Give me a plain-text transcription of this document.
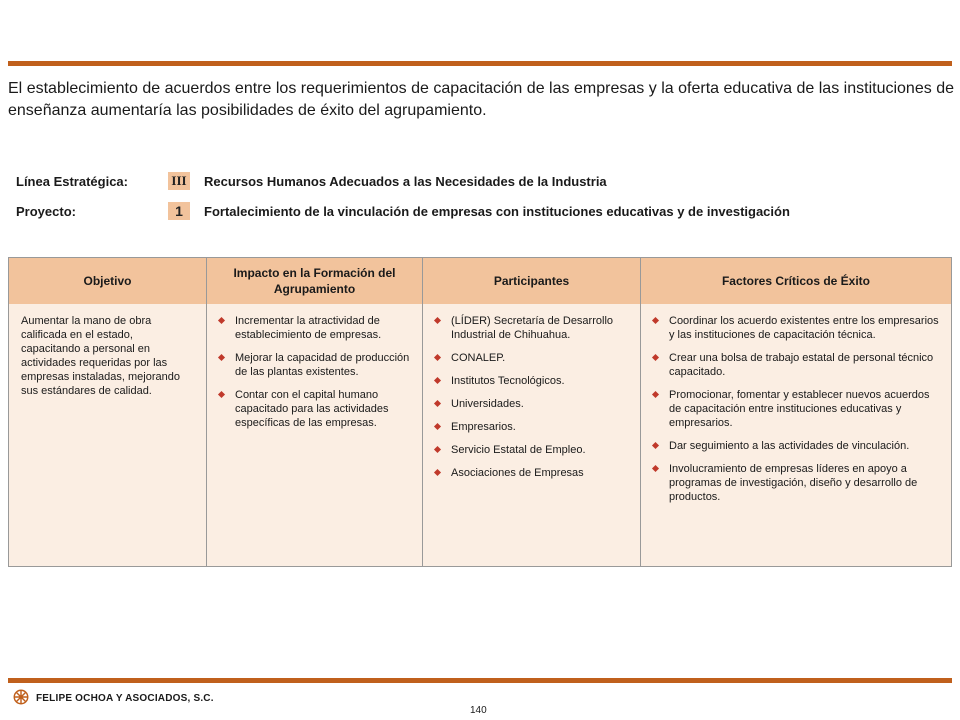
El establecimiento de acuerdos entre los requerimientos de capacitación de las empresas y la oferta educativa de las instituciones de enseñanza aumentaría las posibilidades de éxito del agrupamiento.
Línea Estratégica:	III Recursos Humanos Adecuados a las Necesidades de la Industria
Proyecto:	1	Fortalecimiento de la vinculación de empresas con instituciones educativas y de investigación
Objetivo
Aumentar la mano de obra calificada en el estado, capacitando a personal en actividades requeridas por las empresas instaladas, mejorando sus estándares de calidad.
Impacto en la Formación del Agrupamiento
Incrementar la atractividad de establecimiento de empresas.
Mejorar la capacidad de producción de las plantas existentes.
Contar con el capital humano capacitado para las actividades específicas de las empresas.
Participantes
(LÍDER) Secretaría de Desarrollo Industrial de Chihuahua.
CONALEP.
Institutos Tecnológicos.
Universidades.
Empresarios.
Servicio Estatal de Empleo.
Asociaciones de Empresas
Factores Críticos de Éxito
Coordinar los acuerdo existentes entre los empresarios y las instituciones de capacitación técnica.
Crear una bolsa de trabajo estatal de personal técnico capacitado.
Promocionar, fomentar y establecer nuevos acuerdos de capacitación entre instituciones educativas y empresarios.
Dar seguimiento a las actividades de vinculación.
Involucramiento de empresas líderes en apoyo a programas de investigación, diseño y desarrollo de productos.
FELIPE OCHOA Y ASOCIADOS, S.C.
140
